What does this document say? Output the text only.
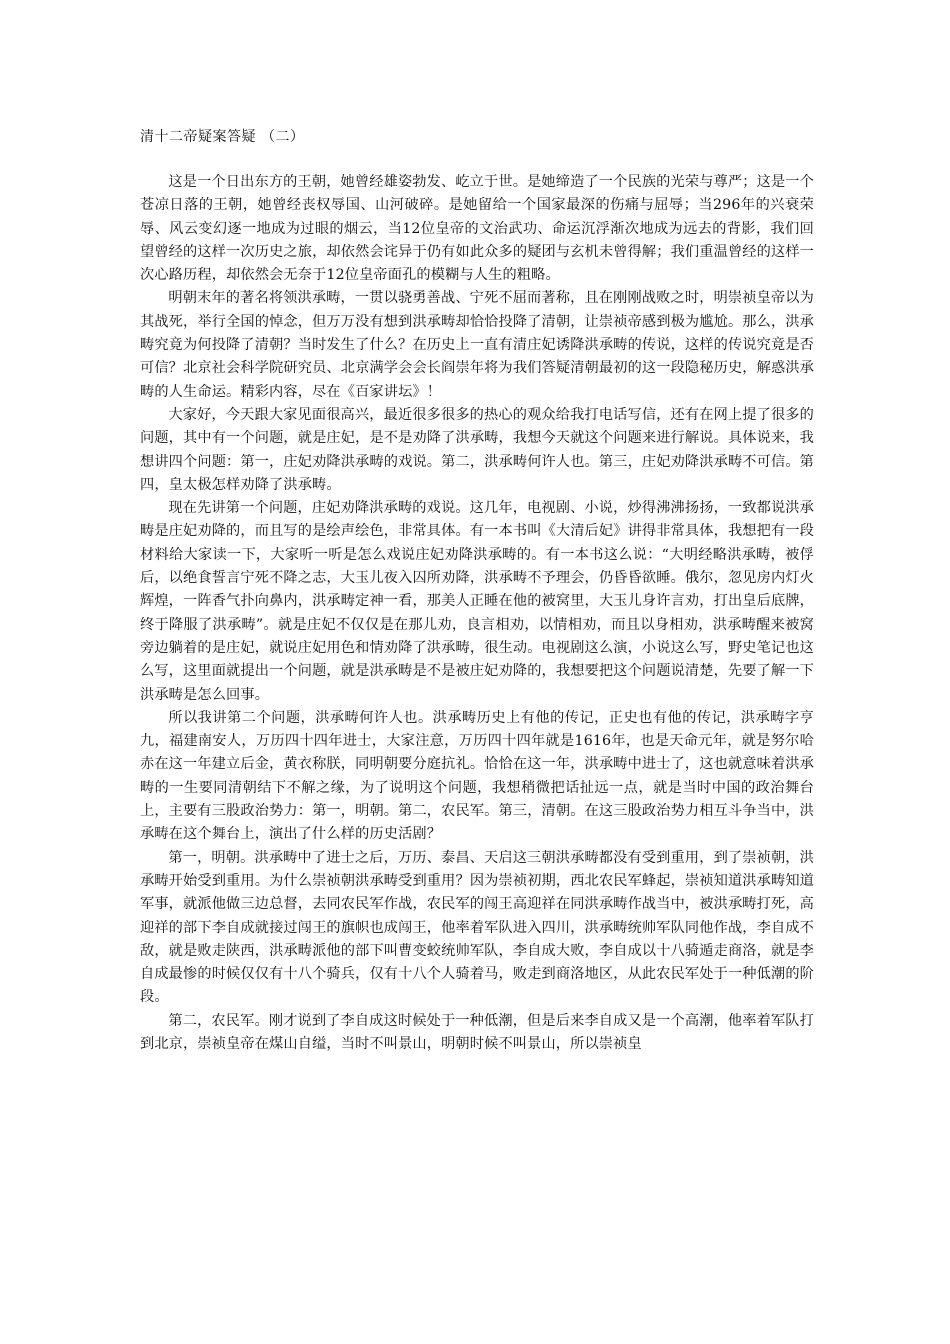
清十二帝疑案答疑 （二）

这是一个日出东方的王朝，她曾经雄姿勃发、屹立于世。是她缔造了一个民族的光荣与尊严；这是一个苍凉日落的王朝，她曾经丧权辱国、山河破碎。是她留给一个国家最深的伤痛与屈辱；当296年的兴衰荣辱、风云变幻逐一地成为过眼的烟云，当12位皇帝的文治武功、命运沉浮渐次地成为远去的背影，我们回望曾经的这样一次历史之旅，却依然会诧异于仍有如此众多的疑团与玄机未曾得解；我们重温曾经的这样一次心路历程，却依然会无奈于12位皇帝面孔的模糊与人生的粗略。

明朝末年的著名将领洪承畴，一贯以骁勇善战、宁死不屈而著称，且在刚刚战败之时，明崇祯皇帝以为其战死，举行全国的悼念，但万万没有想到洪承畴却恰恰投降了清朝，让崇祯帝感到极为尴尬。那么，洪承畴究竟为何投降了清朝？当时发生了什么？在历史上一直有清庄妃诱降洪承畴的传说，这样的传说究竟是否可信？北京社会科学院研究员、北京满学会会长阎崇年将为我们答疑清朝最初的这一段隐秘历史，解惑洪承畴的人生命运。精彩内容，尽在《百家讲坛》！

大家好，今天跟大家见面很高兴，最近很多很多的热心的观众给我打电话写信，还有在网上提了很多的问题，其中有一个问题，就是庄妃，是不是劝降了洪承畴，我想今天就这个问题来进行解说。具体说来，我想讲四个问题：第一，庄妃劝降洪承畴的戏说。第二，洪承畴何许人也。第三，庄妃劝降洪承畴不可信。第四，皇太极怎样劝降了洪承畴。

现在先讲第一个问题，庄妃劝降洪承畴的戏说。这几年，电视剧、小说，炒得沸沸扬扬，一致都说洪承畴是庄妃劝降的，而且写的是绘声绘色，非常具体。有一本书叫《大清后妃》讲得非常具体，我想把有一段材料给大家读一下，大家听一听是怎么戏说庄妃劝降洪承畴的。有一本书这么说：“大明经略洪承畴，被俘后，以绝食誓言宁死不降之志，大玉儿夜入囚所劝降，洪承畴不予理会，仍昏昏欲睡。俄尔，忽见房内灯火辉煌，一阵香气扑向鼻内，洪承畴定神一看，那美人正睡在他的被窝里，大玉儿身许言劝，打出皇后底牌，终于降服了洪承畴”。就是庄妃不仅仅是在那儿劝，良言相劝，以情相劝，而且以身相劝，洪承畴醒来被窝旁边躺着的是庄妃，就说庄妃用色和情劝降了洪承畴，很生动。电视剧这么演，小说这么写，野史笔记也这么写，这里面就提出一个问题，就是洪承畴是不是被庄妃劝降的，我想要把这个问题说清楚，先要了解一下洪承畴是怎么回事。

所以我讲第二个问题，洪承畴何许人也。洪承畴历史上有他的传记，正史也有他的传记，洪承畴字亨九，福建南安人，万历四十四年进士，大家注意，万历四十四年就是1616年，也是天命元年，就是努尔哈赤在这一年建立后金，黄衣称朕，同明朝要分庭抗礼。恰恰在这一年，洪承畴中进士了，这也就意味着洪承畴的一生要同清朝结下不解之缘，为了说明这个问题，我想稍微把话扯远一点，就是当时中国的政治舞台上，主要有三股政治势力：第一，明朝。第二，农民军。第三，清朝。在这三股政治势力相互斗争当中，洪承畴在这个舞台上，演出了什么样的历史活剧？

第一，明朝。洪承畴中了进士之后，万历、泰昌、天启这三朝洪承畴都没有受到重用，到了崇祯朝，洪承畴开始受到重用。为什么崇祯朝洪承畴受到重用？因为崇祯初期，西北农民军蜂起，崇祯知道洪承畴知道军事，就派他做三边总督，去同农民军作战，农民军的闯王高迎祥在同洪承畴作战当中，被洪承畴打死，高迎祥的部下李自成就接过闯王的旗帜也成闯王，他率着军队进入四川，洪承畴统帅军队同他作战，李自成不敌，就是败走陕西，洪承畴派他的部下叫曹变蛟统帅军队，李自成大败，李自成以十八骑遁走商洛，就是李自成最惨的时候仅仅有十八个骑兵，仅有十八个人骑着马，败走到商洛地区，从此农民军处于一种低潮的阶段。

第二，农民军。刚才说到了李自成这时候处于一种低潮，但是后来李自成又是一个高潮，他率着军队打到北京，崇祯皇帝在煤山自缢，当时不叫景山，明朝时候不叫景山，所以崇祯皇
